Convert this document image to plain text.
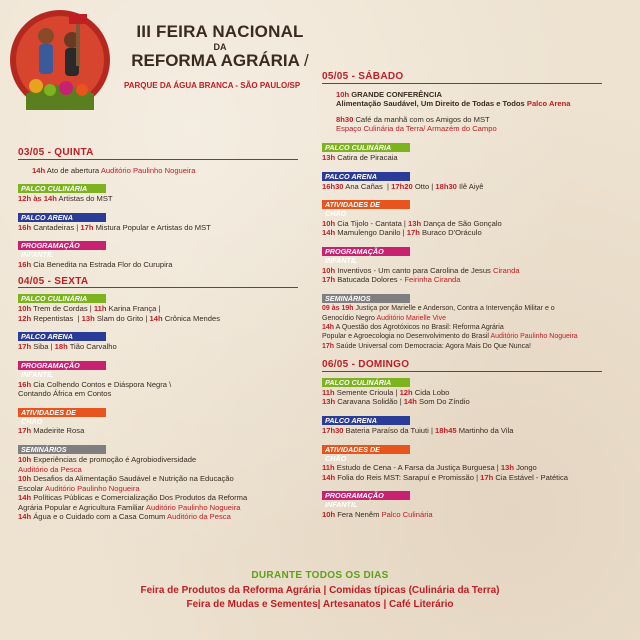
III FEIRA NACIONAL
DA
REFORMA AGRÁRIA /
PARQUE DA ÁGUA BRANCA - SÃO PAULO/SP
03/05 - QUINTA
14h Ato de abertura Auditório Paulinho Nogueira
PALCO CULINÁRIA
12h às 14h Artistas do MST
PALCO ARENA
16h Cantadeiras | 17h Mistura Popular e Artistas do MST
PROGRAMAÇÃO INFANTIL
16h Cia Benedita na Estrada Flor do Curupira
04/05 - SEXTA
PALCO CULINÁRIA
10h Trem de Cordas | 11h Karina França |
12h Repentistas  | 13h Slam do Grito | 14h Crônica Mendes
PALCO ARENA
17h Siba | 18h Tião Carvalho
PROGRAMAÇÃO INFANTIL
16h Cia Colhendo Contos e Diáspora Negra \
Contando África em Contos
ATIVIDADES DE CHÃO
17h Madeirite Rosa
SEMINÁRIOS
10h Experiências de promoção é Agrobiodiversidade
Auditório da Pesca
10h Desafios da Alimentação Saudável e Nutrição na Educação
Escolar Auditório Paulinho Nogueira
14h Políticas Públicas e Comercialização Dos Produtos da Reforma
Agrária Popular e Agricultura Familiar Auditório Paulinho Nogueira
14h Água e o Cuidado com a Casa Comum Auditório da Pesca
05/05 - SÁBADO
10h GRANDE CONFERÊNCIA
Alimentação Saudável, Um Direito de Todas e Todos Palco Arena
8h30 Café da manhã com os Amigos do MST
Espaço Culinária da Terra/ Armazém do Campo
PALCO CULINÁRIA
13h Catira de Piracaia
PALCO ARENA
16h30 Ana Cañas  | 17h20 Otto | 18h30 Ilê Aiyê
ATIVIDADES DE CHÃO
10h Cia Tijolo - Cantata | 13h Dança de São Gonçalo
14h Mamulengo Danilo | 17h Buraco D'Oráculo
PROGRAMAÇÃO INFANTIL
10h Inventivos - Um canto para Carolina de Jesus Ciranda
17h Batucada Dolores - Feirinha Ciranda
SEMINÁRIOS
09 às 19h Justiça por Marielle e Anderson, Contra a Intervenção Militar e o
Genocídio Negro Auditório Marielle Vive
14h A Questão dos Agrotóxicos no Brasil: Reforma Agrária
Popular e Agroecologia no Desenvolvimento do Brasil Auditório Paulinho Nogueira
17h Saúde Universal com Democracia: Agora Mais Do Que Nunca!
06/05 - DOMINGO
PALCO CULINÁRIA
11h Semente Crioula | 12h Cida Lobo
13h Caravana Solidão | 14h Som Do Zíndio
PALCO ARENA
17h30 Bateria Paraíso da Tuiuti | 18h45 Martinho da Vila
ATIVIDADES DE CHÃO
11h Estudo de Cena - A Farsa da Justiça Burguesa | 13h Jongo
14h Folia do Reis MST: Sarapuí e Promissão | 17h Cia Estável - Patética
PROGRAMAÇÃO INFANTIL
10h Fera Nenêm Palco Culinária
DURANTE TODOS OS DIAS
Feira de Produtos da Reforma Agrária | Comidas típicas (Culinária da Terra)
Feira de Mudas e Sementes| Artesanatos | Café Literário
